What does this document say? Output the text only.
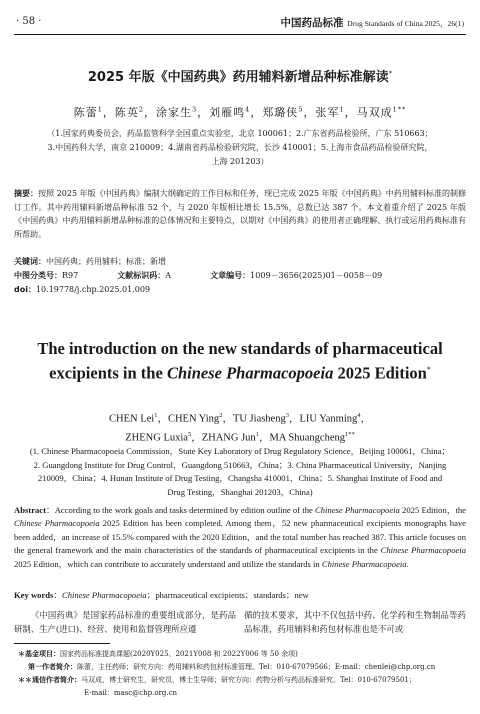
· 58 ·	中国药品标准 Drug Standards of China 2025，26(1)
2025 年版《中国药典》药用辅料新增品种标准解读*
陈蕾$^1$，陈英$^2$，涂家生$^3$，刘雁鸣$^4$，郑璐侠$^5$，张军$^1$，马双成$^{1**}$
（1.国家药典委员会，药品监管科学全国重点实验室，北京 100061；2.广东省药品检验所，广东 510663；
3.中国药科大学，南京 210009；4.湖南省药品检验研究院，长沙 410001；5.上海市食品药品检验研究院，
上海 201203）
摘要：按照 2025 年版《中国药典》编制大纲确定的工作目标和任务，现已完成 2025 年版《中国药典》中药用辅料标准的制修订工作。其中药用辅料新增品种标准 52 个，与 2020 年版相比增长 15.5%，总数已达 387 个。本文着重介绍了 2025 年版《中国药典》中药用辅料新增品种标准的总体情况和主要特点，以期对《中国药典》的使用者正确理解、执行或运用药典标准有所帮助。
关键词：中国药典；药用辅料；标准；新增
中图分类号：R97	文献标识码：A	文章编号：1009－3656(2025)01－0058－09
doi：10.19778/j.chp.2025.01.009
The introduction on the new standards of pharmaceutical
excipients in the Chinese Pharmacopoeia 2025 Edition*
CHEN Lei$^1$，CHEN Ying$^2$，TU Jiasheng$^3$，LIU Yanming$^4$，
ZHENG Luxia$^5$，ZHANG Jun$^1$，MA Shuangcheng$^{1**}$
(1. Chinese Pharmacopoeia Commission，State Key Laboratory of Drug Regulatory Science，Beijing 100061，China；
2. Guangdong Institute for Drug Control，Guangdong 510663，China；3. China Pharmaceutical University，Nanjing
210009，China；4. Hunan Institute of Drug Testing，Changsha 410001，China；5. Shanghai Institute of Food and
Drug Testing，Shanghai 201203，China)
Abstract：According to the work goals and tasks determined by edition outline of the Chinese Pharmacopoeia 2025 Edition，the Chinese Pharmacopoeia 2025 Edition has been completed. Among them，52 new pharmaceutical excipients monographs have been added，an increase of 15.5% compared with the 2020 Edition，and the total number has reached 387. This article focuses on the general framework and the main characteristics of the standards of pharmaceutical excipients in the Chinese Pharmacopoeia 2025 Edition，which can contribute to accurately understand and utilize the standards in Chinese Pharmacopoeia.
Key words：Chinese Pharmacopoeia；pharmaceutical excipients；standards；new
《中国药典》是国家药品标准的重要组成部分，是药品研制、生产(进口)、经营、使用和监督管理所应遵
循的技术要求，其中不仅包括中药、化学药和生物制品等药品标准，药用辅料和药包材标准也是不可或
＊基金项目：国家药品标准提高课题(2020Y025、2021Y008 和 2022Y006 等 50 余项)
第一作者简介：陈蕾，主任药师；研究方向：药用辅料和药包材标准管理。Tel：010-67079566；E-mail：chenlei@chp.org.cn
＊＊通信作者简介：马双成，博士研究生，研究员，博士生导师；研究方向：药物分析与药品标准研究。Tel：010-67079501；
E-mail：masc@chp.org.cn
